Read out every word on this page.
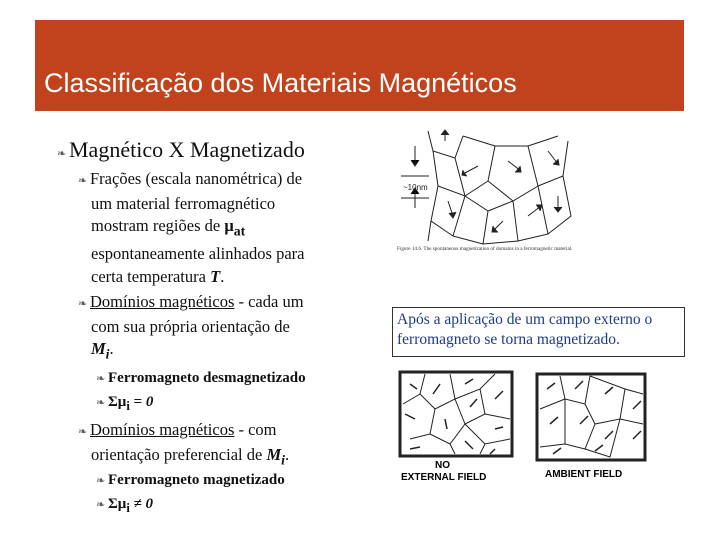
Classificação dos Materiais Magnéticos
❧ Magnético X Magnetizado
❧ Frações (escala nanométrica) de
um material ferromagnético
mostram regiões de $\mu_{at}$
espontaneamente alinhados para
certa temperatura T.
❧ Domínios magnéticos - cada um
com sua própria orientação de
$M_i$.
❧ Ferromagneto desmagnetizado
❧ $\Sigma\mu_i = 0$
❧ Domínios magnéticos - com
orientação preferencial de $M_i$.
❧ Ferromagneto magnetizado
❧ $\Sigma\mu_i \ne 0$
~10nm
Figure 14.6. The spontaneous magnetization of domains in a ferromagnetic material.
Após a aplicação de um campo externo o ferromagneto se torna magnetizado.
NO
EXTERNAL FIELD	AMBIENT FIELD
